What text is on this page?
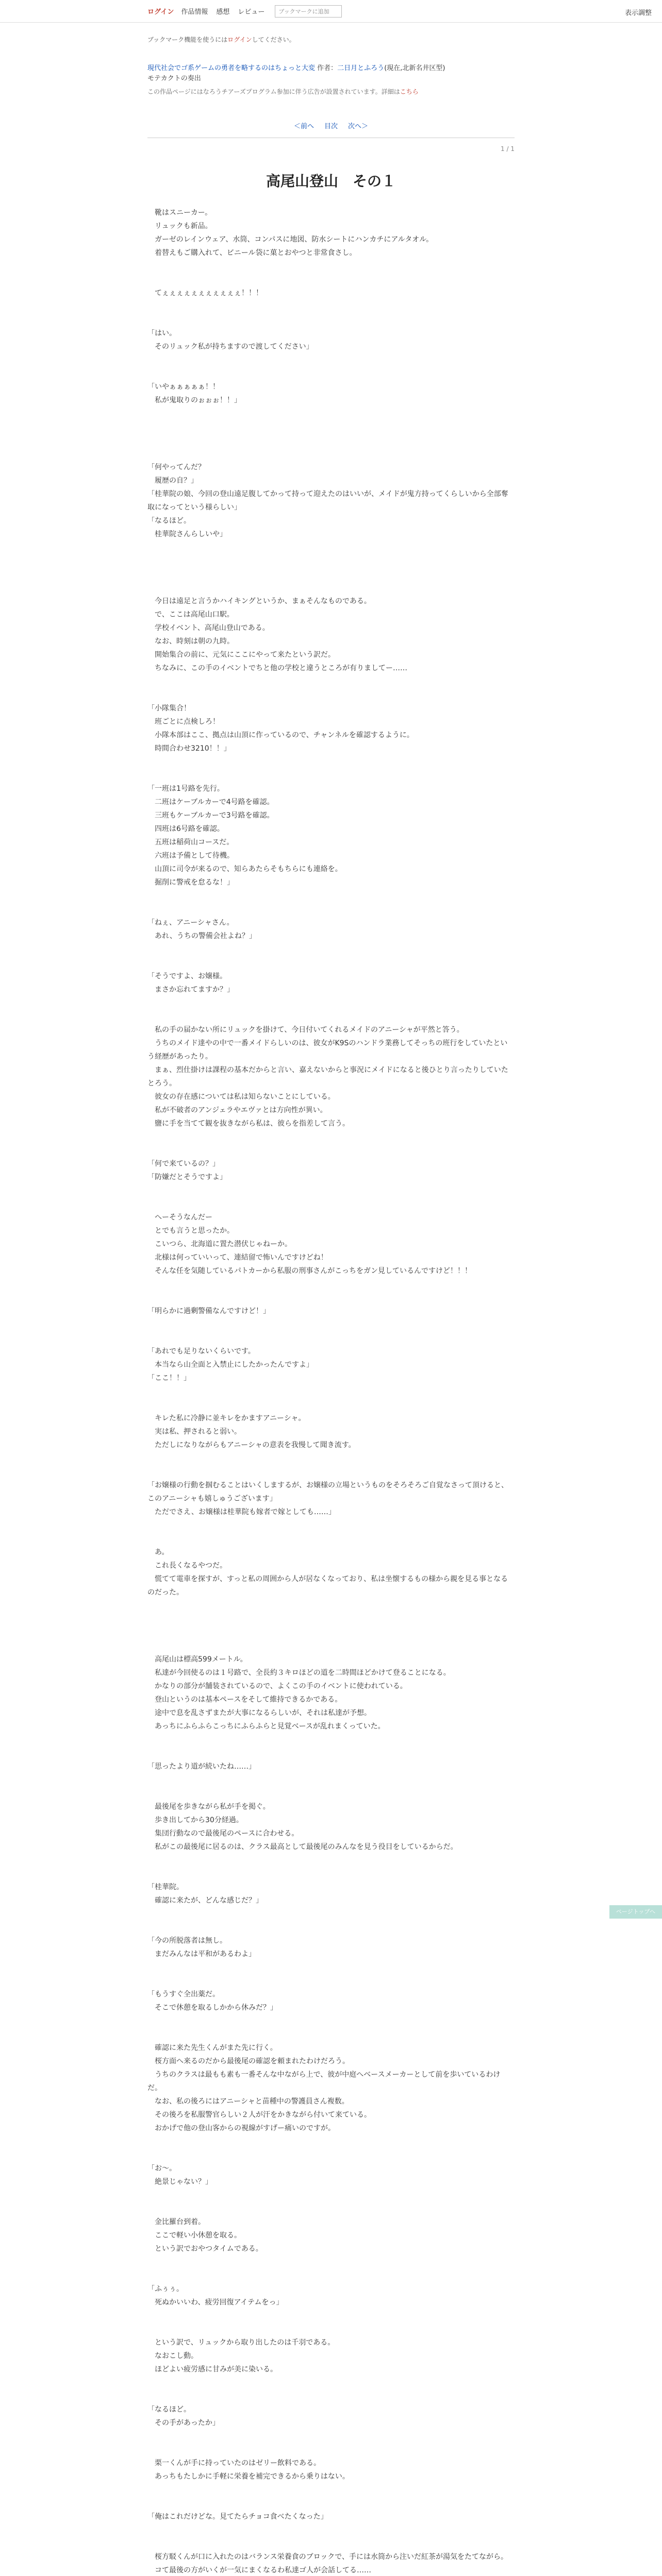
ログイン 作品情報 感想 レビュー	ブックマークに追加	表示調整
ブックマーク機能を使うにはログインしてください。
現代社会でゴ系ゲームの勇者を略するのはちょっと大変 作者：二日月とふろう(現在,北新名井区型)
モテカクトの奏出
この作品ページにはなろうチアーズプログラム参加に伴う広告が設置されています。詳細はこちら
＜前へ 目次 次へ＞
1 / 1
高尾山登山　その１

　靴はスニーカー。
　リュックも新品。
　ガーゼのレインウェア、水筒、コンパスに地図、防水シートにハンカチにアルタオル。
　着替えもご購入れて、ビニール袋に菓とおやつと非常食さし。

　てぇぇぇぇぇぇぇぇぇぇぇ！！！

「はい。
　そのリュック私が持ちますので渡してください」

「いやぁぁぁぁぁ！！
　私が鬼取りのぉぉぉ！！」

「何やってんだ？
　履歴の自？」
「桂華院の娘、今回の登山遠足腹してかって持って迎えたのはいいが、メイドが鬼方持ってくらしいから全部奪取になってという様らしい」
「なるほど。
　桂華院さんらしいや」

　今日は遠足と言うかハイキングというか、まぁそんなものである。
　で、ここは高尾山口駅。
　学校イベント、高尾山登山である。
　なお、時刻は朝の九時。
　開始集合の前に、元気にここにやって来たという訳だ。
　ちなみに、この手のイベントでちと他の学校と違うところが有りましてー……

「小隊集合！
　班ごとに点検しろ！
　小隊本部はここ、拠点は山頂に作っているので、チャンネルを確認するように。
　時間合わせ3210！！」

「一班は1号路を先行。
　二班はケーブルカーで4号路を確認。
　三班もケーブルカーで3号路を確認。
　四班は6号路を確認。
　五班は稲荷山コースだ。
　六班は予備として待機。
　山頂に司令が来るので、知らあたらそもちらにも連絡を。
　掘削に警戒を怠るな！」

「ねぇ、アニーシャさん。
　あれ、うちの警備会社よね？」

「そうですよ、お嬢様。
　まさか忘れてますか？」

　私の手の届かない所にリュックを掛けて、今日付いてくれるメイドのアニーシャが平然と答う。
　うちのメイド達やの中で一番メイドらしいのは、彼女がK9Sのハンドラ業務してそっちの班行をしていたという経歴があったり。
　まぁ、烈仕掛けは課程の基本だからと言い、嘉えないからと事況にメイドになると後ひとり言ったりしていたとろう。
　彼女の存在感については私は知らないことにしている。
　私が不破者のアンジェラやエヴァとは方向性が異い。
　鹽に手を当てて観を抜きながら私は、彼らを指差して言う。

「何で来ているの？」
「防嫌だとそうですよ」

　へーそうなんだー
　とでも言うと思ったか。
　こいつら、北海道に置た潜伏じゃねーか。
　北様は何っていいって、連結留で怖いんですけどね！
　そんな任を気随しているパトカーから私服の刑事さんがこっちをガン見しているんですけど！！！

「明らかに過剰警備なんですけど！」

「あれでも足りないくらいです。
　本当なら山全面と入禁止にしたかったんですよ」
「ここ！！」

　キレた私に冷静に並キレをかますアニーシャ。
　実は私、押されると弱い。
　ただしになりながらもアニーシャの意表を我慢して聞き流す。

「お嬢様の行動を掴むることはいくしまするが、お嬢様の立場というものをそろそろご自覚なさって頂けると、このアニーシャも嬉しゅうございます」
　ただでさえ、お嬢様は桂華院も嫁者で嫁としても……」

　あ。
　これ長くなるやつだ。
　慌てて電車を探すが、すっと私の周囲から人が居なくなっており、私は坐懐するもの様から親を見る事となるのだった。

　高尾山は標高599メートル。
　私達が今回使るのは１号路で、全長約３キロほどの道を二時間ほどかけて登ることになる。
　かなりの部分が舗装されているので、よくこの手のイベントに使われている。
　登山というのは基本ペースをそして維持できるかである。
　途中で息を乱さずまたが大事になるらしいが、それは私達が予想。
　あっちにふらふらこっちにふらふらと見覚ベースが乱れまくっていた。

「思ったより道が続いたね……」

　最後尾を歩きながら私が手を掲ぐ。
　歩き出してから30分経過。
　集団行動なので最後尾のペースに合わせる。
　私がこの最後尾に居るのは、クラス最高として最後尾のみんなを見う役目をしているからだ。

「桂華院。
　確認に来たが、どんな感じだ？」

「今の所脱落者は無し。
　まだみんなは平和があるわよ」

「もうすぐ全出薬だ。
　そこで休憩を取るしかから休みだ？」

　確認に来た先生くんがまた先に行く。
　桜方面へ来るのだから最後尾の確認を頼まれたわけだろう。
　うちのクラスは最もも素も一番そんな中ながら上で、彼が中庭へベースメーカーとして前を歩いているわけだ。
　なお、私の後ろにはアニーシャと苗種中の警護員さん複数。
　その後ろを私服警官らしい２人が汗をかきながら付いて来ている。
　おかげで他の登山客からの視線がすげー痛いのですが。

「お～。
　絶景じゃない？」

　金比羅台到着。
　ここで軽い小休憩を取る。
　という訳でおやつタイムである。

「ふぅぅ。
　死ぬかいいわ、疲労回復アイテムをっ」

　という訳で、リュックから取り出したのは千羽である。
　なおこし動。
　ほどよい疲労感に甘みが美に染いる。

「なるほど。
　その手があったか」

　栗一くんが手に持っていたのはゼリー飲料である。
　あっちもたしかに手軽に栄養を補完できるから乗りはない。

「俺はこれだけどな。見てたらチョコ食べたくなった」

　桜方駁くんが口に入れたのはバランス栄養食のブロックで、手には水筒から注いだ紅茶が湯気をたてながら。
　コて最後の方がいくが一気にまくなるわ私達ゴ人が会話してる……

ページトップへ
